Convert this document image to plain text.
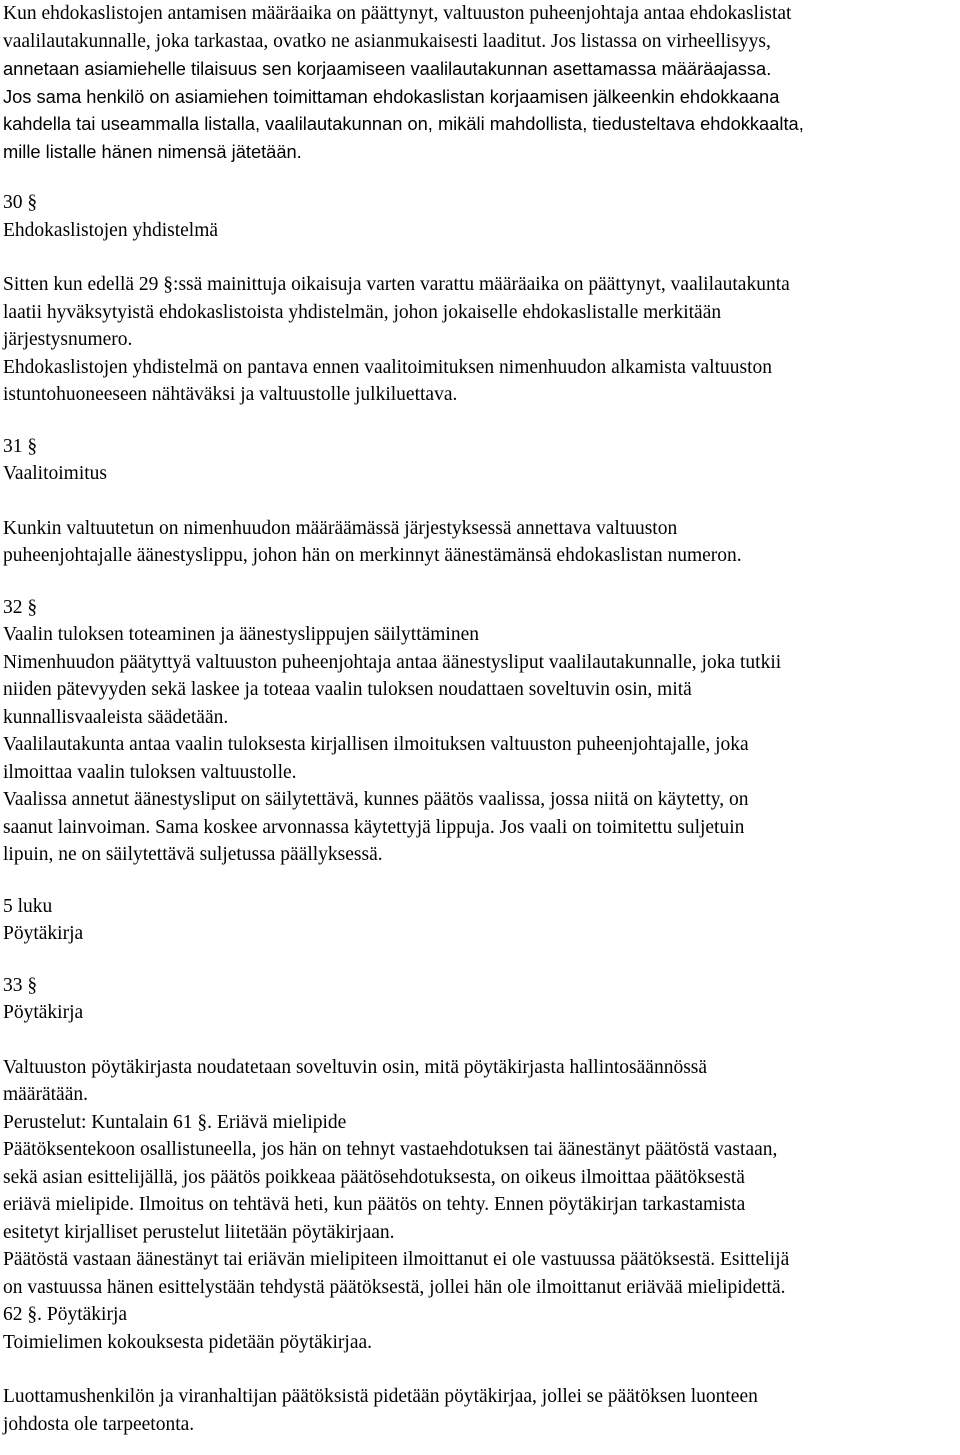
Kun ehdokaslistojen antamisen määräaika on päättynyt, valtuuston puheenjohtaja antaa ehdokaslistat
vaalilautakunnalle, joka tarkastaa, ovatko ne asianmukaisesti laaditut. Jos listassa on virheellisyys,
annetaan asiamiehelle tilaisuus sen korjaamiseen vaalilautakunnan asettamassa määräajassa.
Jos sama henkilö on asiamiehen toimittaman ehdokaslistan korjaamisen jälkeenkin ehdokkaana
kahdella tai useammalla listalla, vaalilautakunnan on, mikäli mahdollista, tiedusteltava ehdokkaalta,
mille listalle hänen nimensä jätetään.
30 §
Ehdokaslistojen yhdistelmä
Sitten kun edellä 29 §:ssä mainittuja oikaisuja varten varattu määräaika on päättynyt, vaalilautakunta
laatii hyväksytyistä ehdokaslistoista yhdistelmän, johon jokaiselle ehdokaslistalle merkitään
järjestysnumero.
Ehdokaslistojen yhdistelmä on pantava ennen vaalitoimituksen nimenhuudon alkamista valtuuston
istuntohuoneeseen nähtäväksi ja valtuustolle julkiluettava.
31 §
Vaalitoimitus
Kunkin valtuutetun on nimenhuudon määräämässä järjestyksessä annettava valtuuston
puheenjohtajalle äänestyslippu, johon hän on merkinnyt äänestämänsä ehdokaslistan numeron.
32 §
Vaalin tuloksen toteaminen ja äänestyslippujen säilyttäminen
Nimenhuudon päätyttyä valtuuston puheenjohtaja antaa äänestysliput vaalilautakunnalle, joka tutkii
niiden pätevyyden sekä laskee ja toteaa vaalin tuloksen noudattaen soveltuvin osin, mitä
kunnallisvaaleista säädetään.
Vaalilautakunta antaa vaalin tuloksesta kirjallisen ilmoituksen valtuuston puheenjohtajalle, joka
ilmoittaa vaalin tuloksen valtuustolle.
Vaalissa annetut äänestysliput on säilytettävä, kunnes päätös vaalissa, jossa niitä on käytetty, on
saanut lainvoiman. Sama koskee arvonnassa käytettyjä lippuja. Jos vaali on toimitettu suljetuin
lipuin, ne on säilytettävä suljetussa päällyksessä.
5 luku
Pöytäkirja
33 §
Pöytäkirja
Valtuuston pöytäkirjasta noudatetaan soveltuvin osin, mitä pöytäkirjasta hallintosäännössä
määrätään.
Perustelut: Kuntalain 61 §. Eriävä mielipide
Päätöksentekoon osallistuneella, jos hän on tehnyt vastaehdotuksen tai äänestänyt päätöstä vastaan,
sekä asian esittelijällä, jos päätös poikkeaa päätösehdotuksesta, on oikeus ilmoittaa päätöksestä
eriävä mielipide. Ilmoitus on tehtävä heti, kun päätös on tehty. Ennen pöytäkirjan tarkastamista
esitetyt kirjalliset perustelut liitetään pöytäkirjaan.
Päätöstä vastaan äänestänyt tai eriävän mielipiteen ilmoittanut ei ole vastuussa päätöksestä. Esittelijä
on vastuussa hänen esittelystään tehdystä päätöksestä, jollei hän ole ilmoittanut eriävää mielipidettä.
62 §. Pöytäkirja
Toimielimen kokouksesta pidetään pöytäkirjaa.
Luottamushenkilön ja viranhaltijan päätöksistä pidetään pöytäkirjaa, jollei se päätöksen luonteen
johdosta ole tarpeetonta.
